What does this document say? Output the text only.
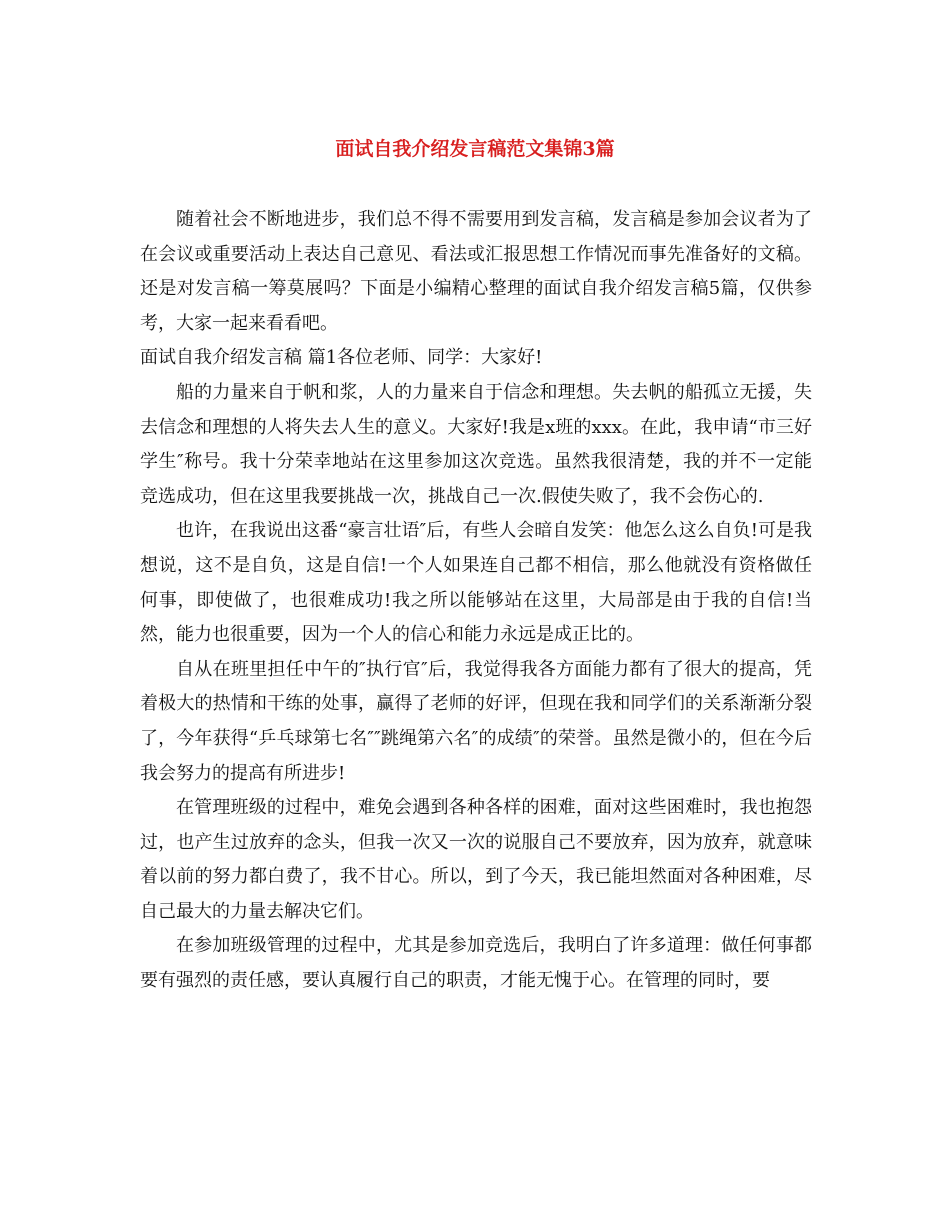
面试自我介绍发言稿范文集锦3篇

随着社会不断地进步，我们总不得不需要用到发言稿，发言稿是参加会议者为了在会议或重要活动上表达自己意见、看法或汇报思想工作情况而事先准备好的文稿。还是对发言稿一筹莫展吗？下面是小编精心整理的面试自我介绍发言稿5篇，仅供参考，大家一起来看看吧。

面试自我介绍发言稿 篇1各位老师、同学：大家好!

船的力量来自于帆和浆，人的力量来自于信念和理想。失去帆的船孤立无援，失去信念和理想的人将失去人生的意义。大家好!我是x班的xxx。在此，我申请“市三好学生″称号。我十分荣幸地站在这里参加这次竞选。虽然我很清楚，我的并不一定能竞选成功，但在这里我要挑战一次，挑战自己一次.假使失败了，我不会伤心的.

也许，在我说出这番“豪言壮语″后，有些人会暗自发笑：他怎么这么自负!可是我想说，这不是自负，这是自信!一个人如果连自己都不相信，那么他就没有资格做任何事，即使做了，也很难成功!我之所以能够站在这里，大局部是由于我的自信!当然，能力也很重要，因为一个人的信心和能力永远是成正比的。

自从在班里担任中午的″执行官″后，我觉得我各方面能力都有了很大的提高，凭着极大的热情和干练的处事，赢得了老师的好评，但现在我和同学们的关系渐渐分裂了，今年获得“乒乓球第七名″″跳绳第六名″的成绩″的荣誉。虽然是微小的，但在今后我会努力的提高有所进步!

在管理班级的过程中，难免会遇到各种各样的困难，面对这些困难时，我也抱怨过，也产生过放弃的念头，但我一次又一次的说服自己不要放弃，因为放弃，就意味着以前的努力都白费了，我不甘心。所以，到了今天，我已能坦然面对各种困难，尽自己最大的力量去解决它们。

在参加班级管理的过程中，尤其是参加竞选后，我明白了许多道理：做任何事都要有强烈的责任感，要认真履行自己的职责，才能无愧于心。在管理的同时，要
